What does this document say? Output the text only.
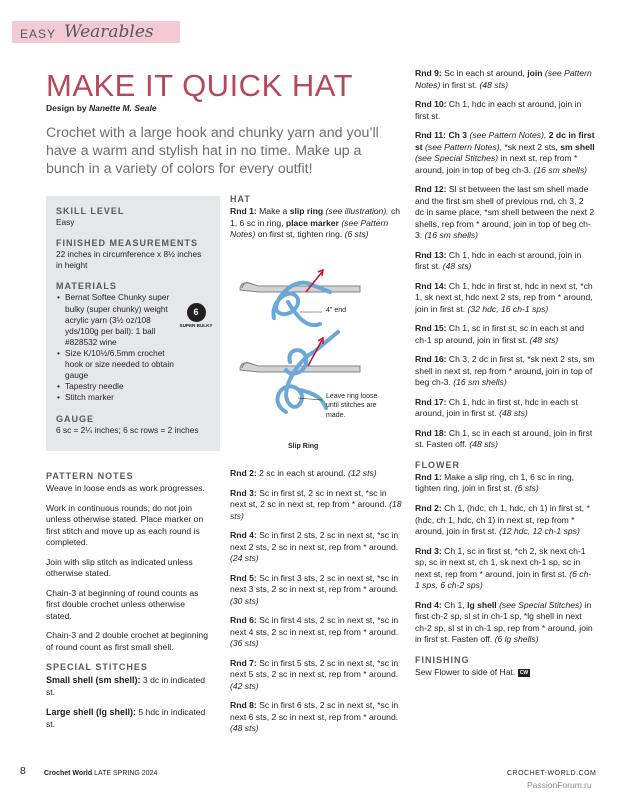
EASY Wearables
MAKE IT QUICK HAT
Design by Nanette M. Seale
Crochet with a large hook and chunky yarn and you’ll have a warm and stylish hat in no time. Make up a bunch in a variety of colors for every outfit!
SKILL LEVEL

Easy

FINISHED MEASUREMENTS

22 inches in circumference x 8½ inches in height

MATERIALS
• Bernat Softee Chunky super bulky (super chunky) weight acrylic yarn (3½ oz/108 yds/100g per ball): 1 ball #828532 wine
• Size K/10½/6.5mm crochet hook or size needed to obtain gauge
• Tapestry needle
• Stitch marker
6
SUPER BULKY
GAUGE

6 sc = 2¼ inches; 6 sc rows = 2 inches

PATTERN NOTES

Weave in loose ends as work progresses.

Work in continuous rounds; do not join unless otherwise stated. Place marker on first stitch and move up as each round is completed.

Join with slip stitch as indicated unless otherwise stated.

Chain-3 at beginning of round counts as first double crochet unless otherwise stated.

Chain-3 and 2 double crochet at beginning of round count as first small shell.

SPECIAL STITCHES

Small shell (sm shell): 3 dc in indicated st.

Large shell (lg shell): 5 hdc in indicated st.

HAT

Rnd 1: Make a slip ring (see illustration), ch 1, 6 sc in ring, place marker (see Pattern Notes) on first st, tighten ring. (6 sts)

4" end
Leave ring loose until stitches are made.
Slip Ring

Rnd 2: 2 sc in each st around. (12 sts)

Rnd 3: Sc in first st, 2 sc in next st, *sc in next st, 2 sc in next st, rep from * around. (18 sts)

Rnd 4: Sc in first 2 sts, 2 sc in next st, *sc in next 2 sts, 2 sc in next st, rep from * around. (24 sts)

Rnd 5: Sc in first 3 sts, 2 sc in next st, *sc in next 3 sts, 2 sc in next st, rep from * around. (30 sts)

Rnd 6: Sc in first 4 sts, 2 sc in next st, *sc in next 4 sts, 2 sc in next st, rep from * around. (36 sts)

Rnd 7: Sc in first 5 sts, 2 sc in next st, *sc in next 5 sts, 2 sc in next st, rep from * around. (42 sts)

Rnd 8: Sc in first 6 sts, 2 sc in next st, *sc in next 6 sts, 2 sc in next st, rep from * around. (48 sts)

Rnd 9: Sc in each st around, join (see Pattern Notes) in first st. (48 sts)

Rnd 10: Ch 1, hdc in each st around, join in first st.

Rnd 11: Ch 3 (see Pattern Notes), 2 dc in first st (see Pattern Notes), *sk next 2 sts, sm shell (see Special Stitches) in next st, rep from * around, join in top of beg ch-3. (16 sm shells)

Rnd 12: Sl st between the last sm shell made and the first sm shell of previous rnd, ch 3, 2 dc in same place, *sm shell between the next 2 shells, rep from * around, join in top of beg ch-3. (16 sm shells)

Rnd 13: Ch 1, hdc in each st around, join in first st. (48 sts)

Rnd 14: Ch 1, hdc in first st, hdc in next st, *ch 1, sk next st, hdc next 2 sts, rep from * around, join in first st. (32 hdc, 16 ch-1 sps)

Rnd 15: Ch 1, sc in first st, sc in each st and ch-1 sp around, join in first st. (48 sts)

Rnd 16: Ch 3, 2 dc in first st, *sk next 2 sts, sm shell in next st, rep from * around, join in top of beg ch-3. (16 sm shells)

Rnd 17: Ch 1, hdc in first st, hdc in each st around, join in first st. (48 sts)

Rnd 18: Ch 1, sc in each st around, join in first st. Fasten off. (48 sts)

FLOWER

Rnd 1: Make a slip ring, ch 1, 6 sc in ring, tighten ring, join in first st. (6 sts)

Rnd 2: Ch 1, (hdc, ch 1, hdc, ch 1) in first st, *(hdc, ch 1, hdc, ch 1) in next st, rep from * around, join in first st. (12 hdc, 12 ch-1 sps)

Rnd 3: Ch 1, sc in first st, *ch 2, sk next ch-1 sp, sc in next st, ch 1, sk next ch-1 sp, sc in next st, rep from * around, join in first st. (6 ch-1 sps, 6 ch-2 sps)

Rnd 4: Ch 1, lg shell (see Special Stitches) in first ch-2 sp, sl st in ch-1 sp, *lg shell in next ch-2 sp, sl st in ch-1 sp, rep from * around, join in first st. Fasten off. (6 lg shells)

FINISHING

Sew Flower to side of Hat. CW

8	Crochet World LATE SPRING 2024	CROCHET-WORLD.COM
PassionForum.ru
